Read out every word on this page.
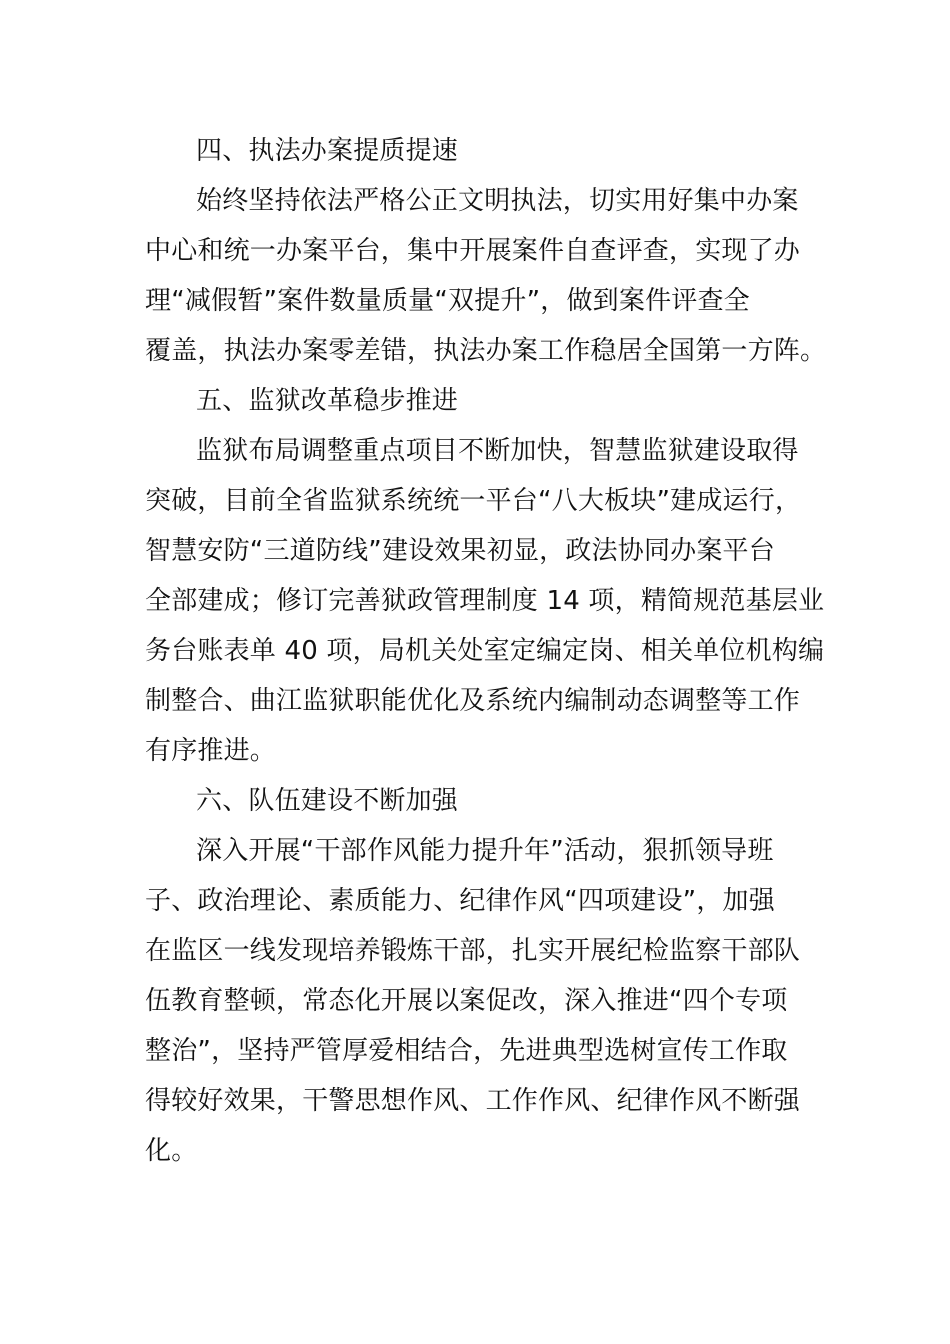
四、执法办案提质提速
始终坚持依法严格公正文明执法，切实用好集中办案
中心和统一办案平台，集中开展案件自查评查，实现了办
理“减假暂”案件数量质量“双提升”，做到案件评查全
覆盖，执法办案零差错，执法办案工作稳居全国第一方阵。
五、监狱改革稳步推进
监狱布局调整重点项目不断加快，智慧监狱建设取得
突破，目前全省监狱系统统一平台“八大板块”建成运行，
智慧安防“三道防线”建设效果初显，政法协同办案平台
全部建成；修订完善狱政管理制度 14 项，精简规范基层业
务台账表单 40 项，局机关处室定编定岗、相关单位机构编
制整合、曲江监狱职能优化及系统内编制动态调整等工作
有序推进。
六、队伍建设不断加强
深入开展“干部作风能力提升年”活动，狠抓领导班
子、政治理论、素质能力、纪律作风“四项建设”，加强
在监区一线发现培养锻炼干部，扎实开展纪检监察干部队
伍教育整顿，常态化开展以案促改，深入推进“四个专项
整治”，坚持严管厚爱相结合，先进典型选树宣传工作取
得较好效果，干警思想作风、工作作风、纪律作风不断强
化。
